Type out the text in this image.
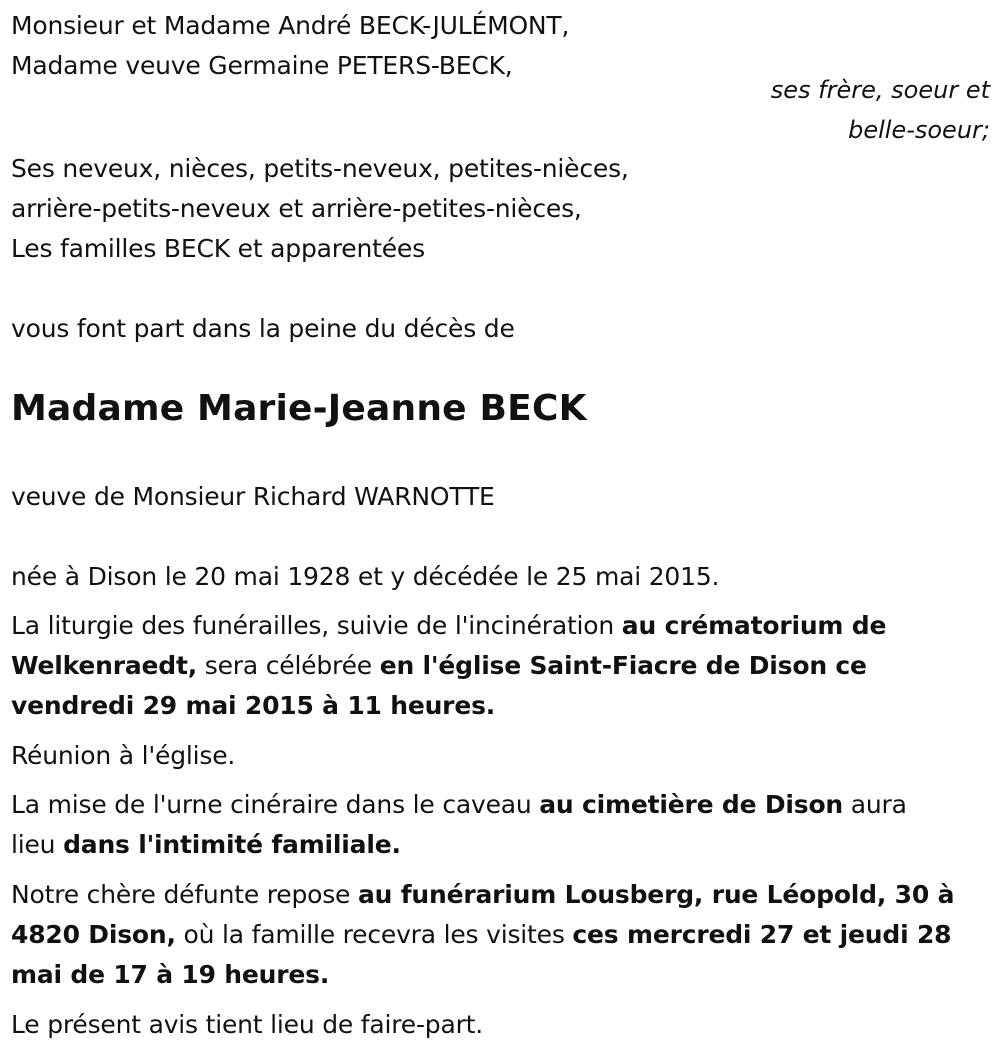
Monsieur et Madame André BECK-JULÉMONT,
Madame veuve Germaine PETERS-BECK,
ses frère, soeur et
belle-soeur;
Ses neveux, nièces, petits-neveux, petites-nièces,
arrière-petits-neveux et arrière-petites-nièces,
Les familles BECK et apparentées
vous font part dans la peine du décès de
Madame Marie-Jeanne BECK
veuve de Monsieur Richard WARNOTTE
née à Dison le 20 mai 1928 et y décédée le 25 mai 2015.
La liturgie des funérailles, suivie de l'incinération au crématorium de
Welkenraedt, sera célébrée en l'église Saint-Fiacre de Dison ce
vendredi 29 mai 2015 à 11 heures.
Réunion à l'église.
La mise de l'urne cinéraire dans le caveau au cimetière de Dison aura
lieu dans l'intimité familiale.
Notre chère défunte repose au funérarium Lousberg, rue Léopold, 30 à
4820 Dison, où la famille recevra les visites ces mercredi 27 et jeudi 28
mai de 17 à 19 heures.
Le présent avis tient lieu de faire-part.
